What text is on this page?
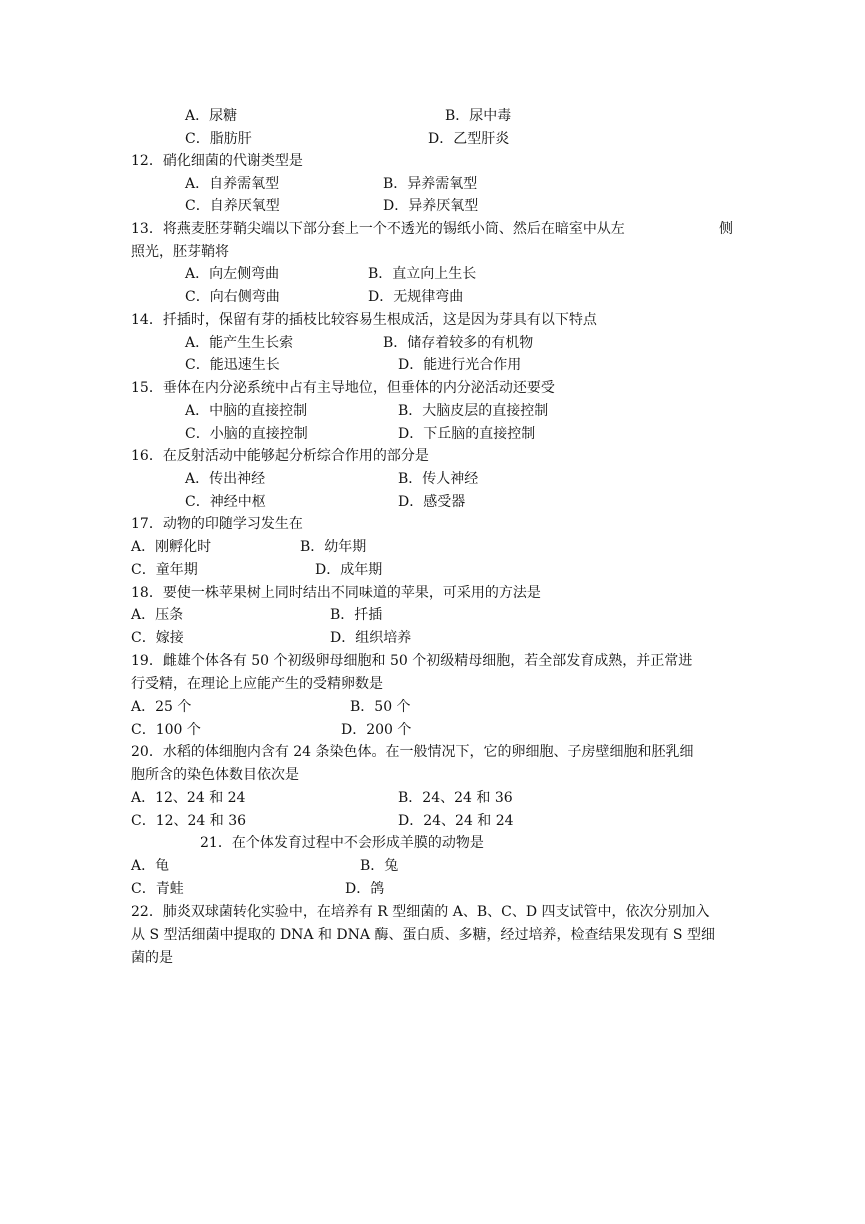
A．尿糖	B．尿中毒
C．脂肪肝	D．乙型肝炎
12．硝化细菌的代谢类型是
A．自养需氧型	B．异养需氧型
C．自养厌氧型	D．异养厌氧型
13．将燕麦胚芽鞘尖端以下部分套上一个不透光的锡纸小筒、然后在暗室中从左	侧
照光，胚芽鞘将
A．向左侧弯曲	B．直立向上生长
C．向右侧弯曲	D．无规律弯曲
14．扦插时，保留有芽的插枝比较容易生根成活，这是因为芽具有以下特点
A．能产生生长索	B．储存着较多的有机物
C．能迅速生长	D．能进行光合作用
15．垂体在内分泌系统中占有主导地位，但垂体的内分泌活动还要受
A．中脑的直接控制	B．大脑皮层的直接控制
C．小脑的直接控制	D．下丘脑的直接控制
16．在反射活动中能够起分析综合作用的部分是
A．传出神经	B．传人神经
C．神经中枢	D．感受器
17．动物的印随学习发生在
A．刚孵化时	B．幼年期
C．童年期	D．成年期
18．要使一株苹果树上同时结出不同味道的苹果，可采用的方法是
A．压条	B．扦插
C．嫁接	D．组织培养
19．雌雄个体各有 50 个初级卵母细胞和 50 个初级精母细胞，若全部发育成熟，并正常进
行受精，在理论上应能产生的受精卵数是
A．25 个	B．50 个
C．100 个	D．200 个
20．水稻的体细胞内含有 24 条染色体。在一般情况下，它的卵细胞、子房壁细胞和胚乳细
胞所含的染色体数目依次是
A．12、24 和 24	B．24、24 和 36
C．12、24 和 36	D．24、24 和 24
21．在个体发育过程中不会形成羊膜的动物是
A．龟	B．兔
C．青蛙	D．鸽
22．肺炎双球菌转化实验中，在培养有 R 型细菌的 A、B、C、D 四支试管中，依次分别加入
从 S 型活细菌中提取的 DNA 和 DNA 酶、蛋白质、多糖，经过培养，检查结果发现有 S 型细
菌的是
